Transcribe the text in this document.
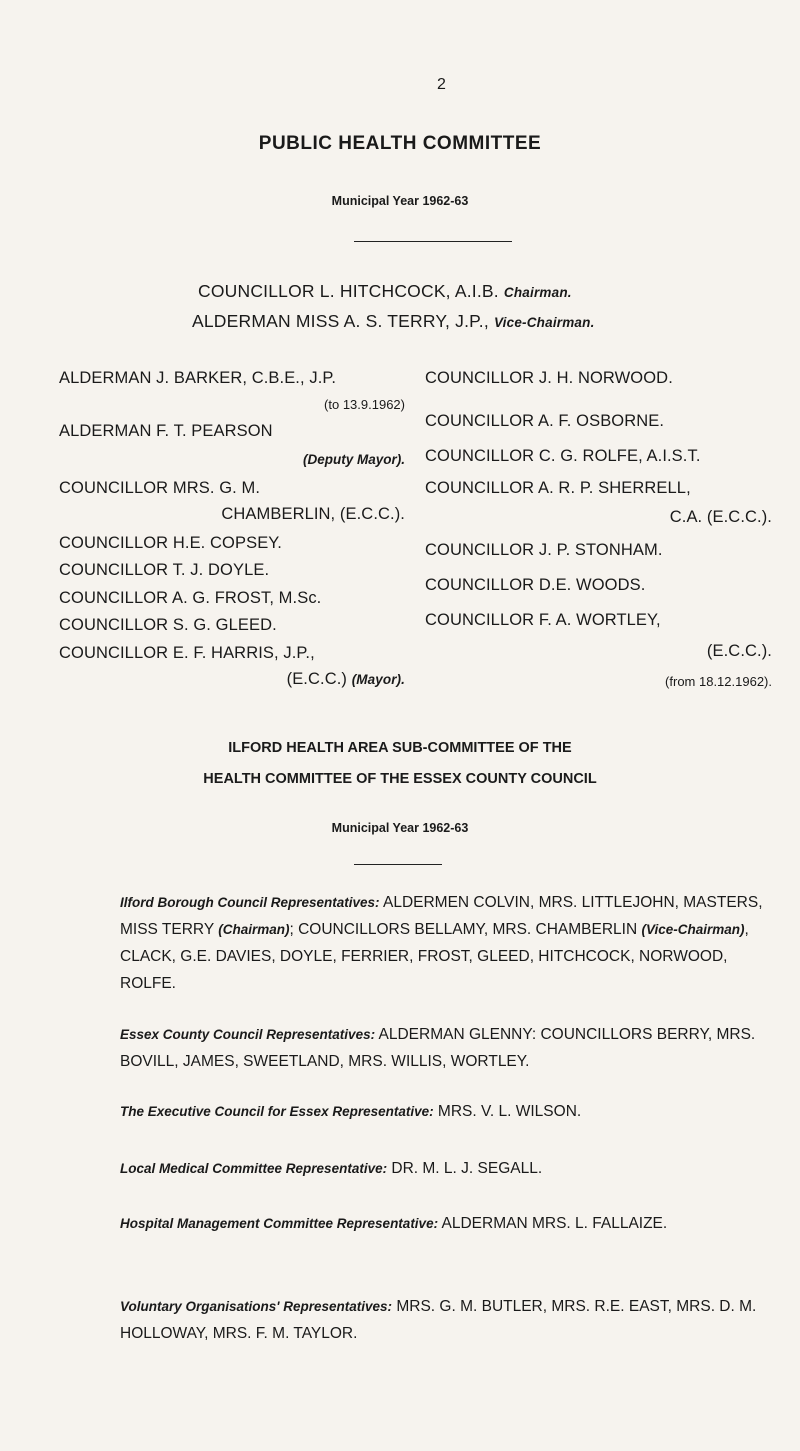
2
PUBLIC HEALTH COMMITTEE
Municipal Year 1962-63
COUNCILLOR L. HITCHCOCK, A.I.B. Chairman.
ALDERMAN MISS A. S. TERRY, J.P., Vice-Chairman.
ALDERMAN J. BARKER, C.B.E., J.P.
(to 13.9.1962)
ALDERMAN F. T. PEARSON
(Deputy Mayor).
COUNCILLOR MRS. G. M.
CHAMBERLIN, (E.C.C.).
COUNCILLOR H.E. COPSEY.
COUNCILLOR T. J. DOYLE.
COUNCILLOR A. G. FROST, M.Sc.
COUNCILLOR S. G. GLEED.
COUNCILLOR E. F. HARRIS, J.P.,
(E.C.C.) (Mayor).
COUNCILLOR J. H. NORWOOD.
COUNCILLOR A. F. OSBORNE.
COUNCILLOR C. G. ROLFE, A.I.S.T.
COUNCILLOR A. R. P. SHERRELL,
C.A. (E.C.C.).
COUNCILLOR J. P. STONHAM.
COUNCILLOR D.E. WOODS.
COUNCILLOR F. A. WORTLEY,
(E.C.C.).
(from 18.12.1962).
ILFORD HEALTH AREA SUB-COMMITTEE OF THE
HEALTH COMMITTEE OF THE ESSEX COUNTY COUNCIL
Municipal Year 1962-63
Ilford Borough Council Representatives: ALDERMEN COLVIN, MRS. LITTLEJOHN, MASTERS, MISS TERRY (Chairman); COUNCILLORS BELLAMY, MRS. CHAMBERLIN (Vice-Chairman), CLACK, G.E. DAVIES, DOYLE, FERRIER, FROST, GLEED, HITCHCOCK, NORWOOD, ROLFE.
Essex County Council Representatives: ALDERMAN GLENNY: COUNCILLORS BERRY, MRS. BOVILL, JAMES, SWEETLAND, MRS. WILLIS, WORTLEY.
The Executive Council for Essex Representative: MRS. V. L. WILSON.
Local Medical Committee Representative: DR. M. L. J. SEGALL.
Hospital Management Committee Representative: ALDERMAN MRS. L. FALLAIZE.
Voluntary Organisations' Representatives: MRS. G. M. BUTLER, MRS. R.E. EAST, MRS. D. M. HOLLOWAY, MRS. F. M. TAYLOR.
